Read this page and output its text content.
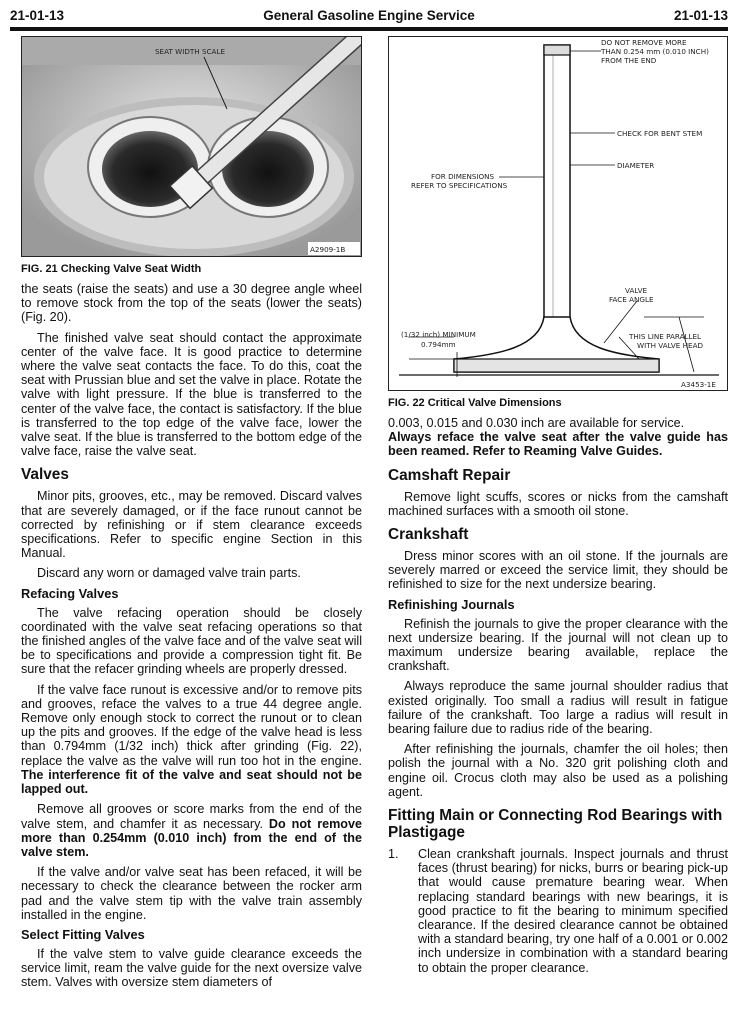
21-01-13	General Gasoline Engine Service	21-01-13
SEAT WIDTH SCALE
A2909-1B
FIG. 21 Checking Valve Seat Width

the seats (raise the seats) and use a 30 degree angle wheel to remove stock from the top of the seats (lower the seats) (Fig. 20).

The finished valve seat should contact the approximate center of the valve face. It is good practice to determine where the valve seat contacts the face. To do this, coat the seat with Prussian blue and set the valve in place. Rotate the valve with light pressure. If the blue is transferred to the center of the valve face, the contact is satisfactory. If the blue is transferred to the top edge of the valve face, lower the valve seat. If the blue is transferred to the bottom edge of the valve face, raise the valve seat.

Valves

Minor pits, grooves, etc., may be removed. Discard valves that are severely damaged, or if the face runout cannot be corrected by refinishing or if stem clearance exceeds specifications. Refer to specific engine Section in this Manual.

Discard any worn or damaged valve train parts.

Refacing Valves

The valve refacing operation should be closely coordinated with the valve seat refacing operations so that the finished angles of the valve face and of the valve seat will be to specifications and provide a compression tight fit. Be sure that the refacer grinding wheels are properly dressed.

If the valve face runout is excessive and/or to remove pits and grooves, reface the valves to a true 44 degree angle. Remove only enough stock to correct the runout or to clean up the pits and grooves. If the edge of the valve head is less than 0.794mm (1/32 inch) thick after grinding (Fig. 22), replace the valve as the valve will run too hot in the engine. The interference fit of the valve and seat should not be lapped out.

Remove all grooves or score marks from the end of the valve stem, and chamfer it as necessary. Do not remove more than 0.254mm (0.010 inch) from the end of the valve stem.

If the valve and/or valve seat has been refaced, it will be necessary to check the clearance between the rocker arm pad and the valve stem tip with the valve train assembly installed in the engine.

Select Fitting Valves

If the valve stem to valve guide clearance exceeds the service limit, ream the valve guide for the next oversize valve stem. Valves with oversize stem diameters of

DO NOT REMOVE MORE
THAN 0.254 mm (0.010 INCH)
FROM THE END
CHECK FOR BENT STEM
DIAMETER
FOR DIMENSIONS
REFER TO SPECIFICATIONS
VALVE
FACE ANGLE
(1/32 inch) MINIMUM
0.794mm
THIS LINE PARALLEL
WITH VALVE HEAD
A3453-1E
FIG. 22 Critical Valve Dimensions

0.003, 0.015 and 0.030 inch are available for service.
Always reface the valve seat after the valve guide has been reamed. Refer to Reaming Valve Guides.

Camshaft Repair

Remove light scuffs, scores or nicks from the camshaft machined surfaces with a smooth oil stone.

Crankshaft

Dress minor scores with an oil stone. If the journals are severely marred or exceed the service limit, they should be refinished to size for the next undersize bearing.

Refinishing Journals

Refinish the journals to give the proper clearance with the next undersize bearing. If the journal will not clean up to maximum undersize bearing available, replace the crankshaft.

Always reproduce the same journal shoulder radius that existed originally. Too small a radius will result in fatigue failure of the crankshaft. Too large a radius will result in bearing failure due to radius ride of the bearing.

After refinishing the journals, chamfer the oil holes; then polish the journal with a No. 320 grit polishing cloth and engine oil. Crocus cloth may also be used as a polishing agent.

Fitting Main or Connecting Rod Bearings with Plastigage
1.	Clean crankshaft journals. Inspect journals and thrust faces (thrust bearing) for nicks, burrs or bearing pick-up that would cause premature bearing wear. When replacing standard bearings with new bearings, it is good practice to fit the bearing to minimum specified clearance. If the desired clearance cannot be obtained with a standard bearing, try one half of a 0.001 or 0.002 inch undersize in combination with a standard bearing to obtain the proper clearance.
